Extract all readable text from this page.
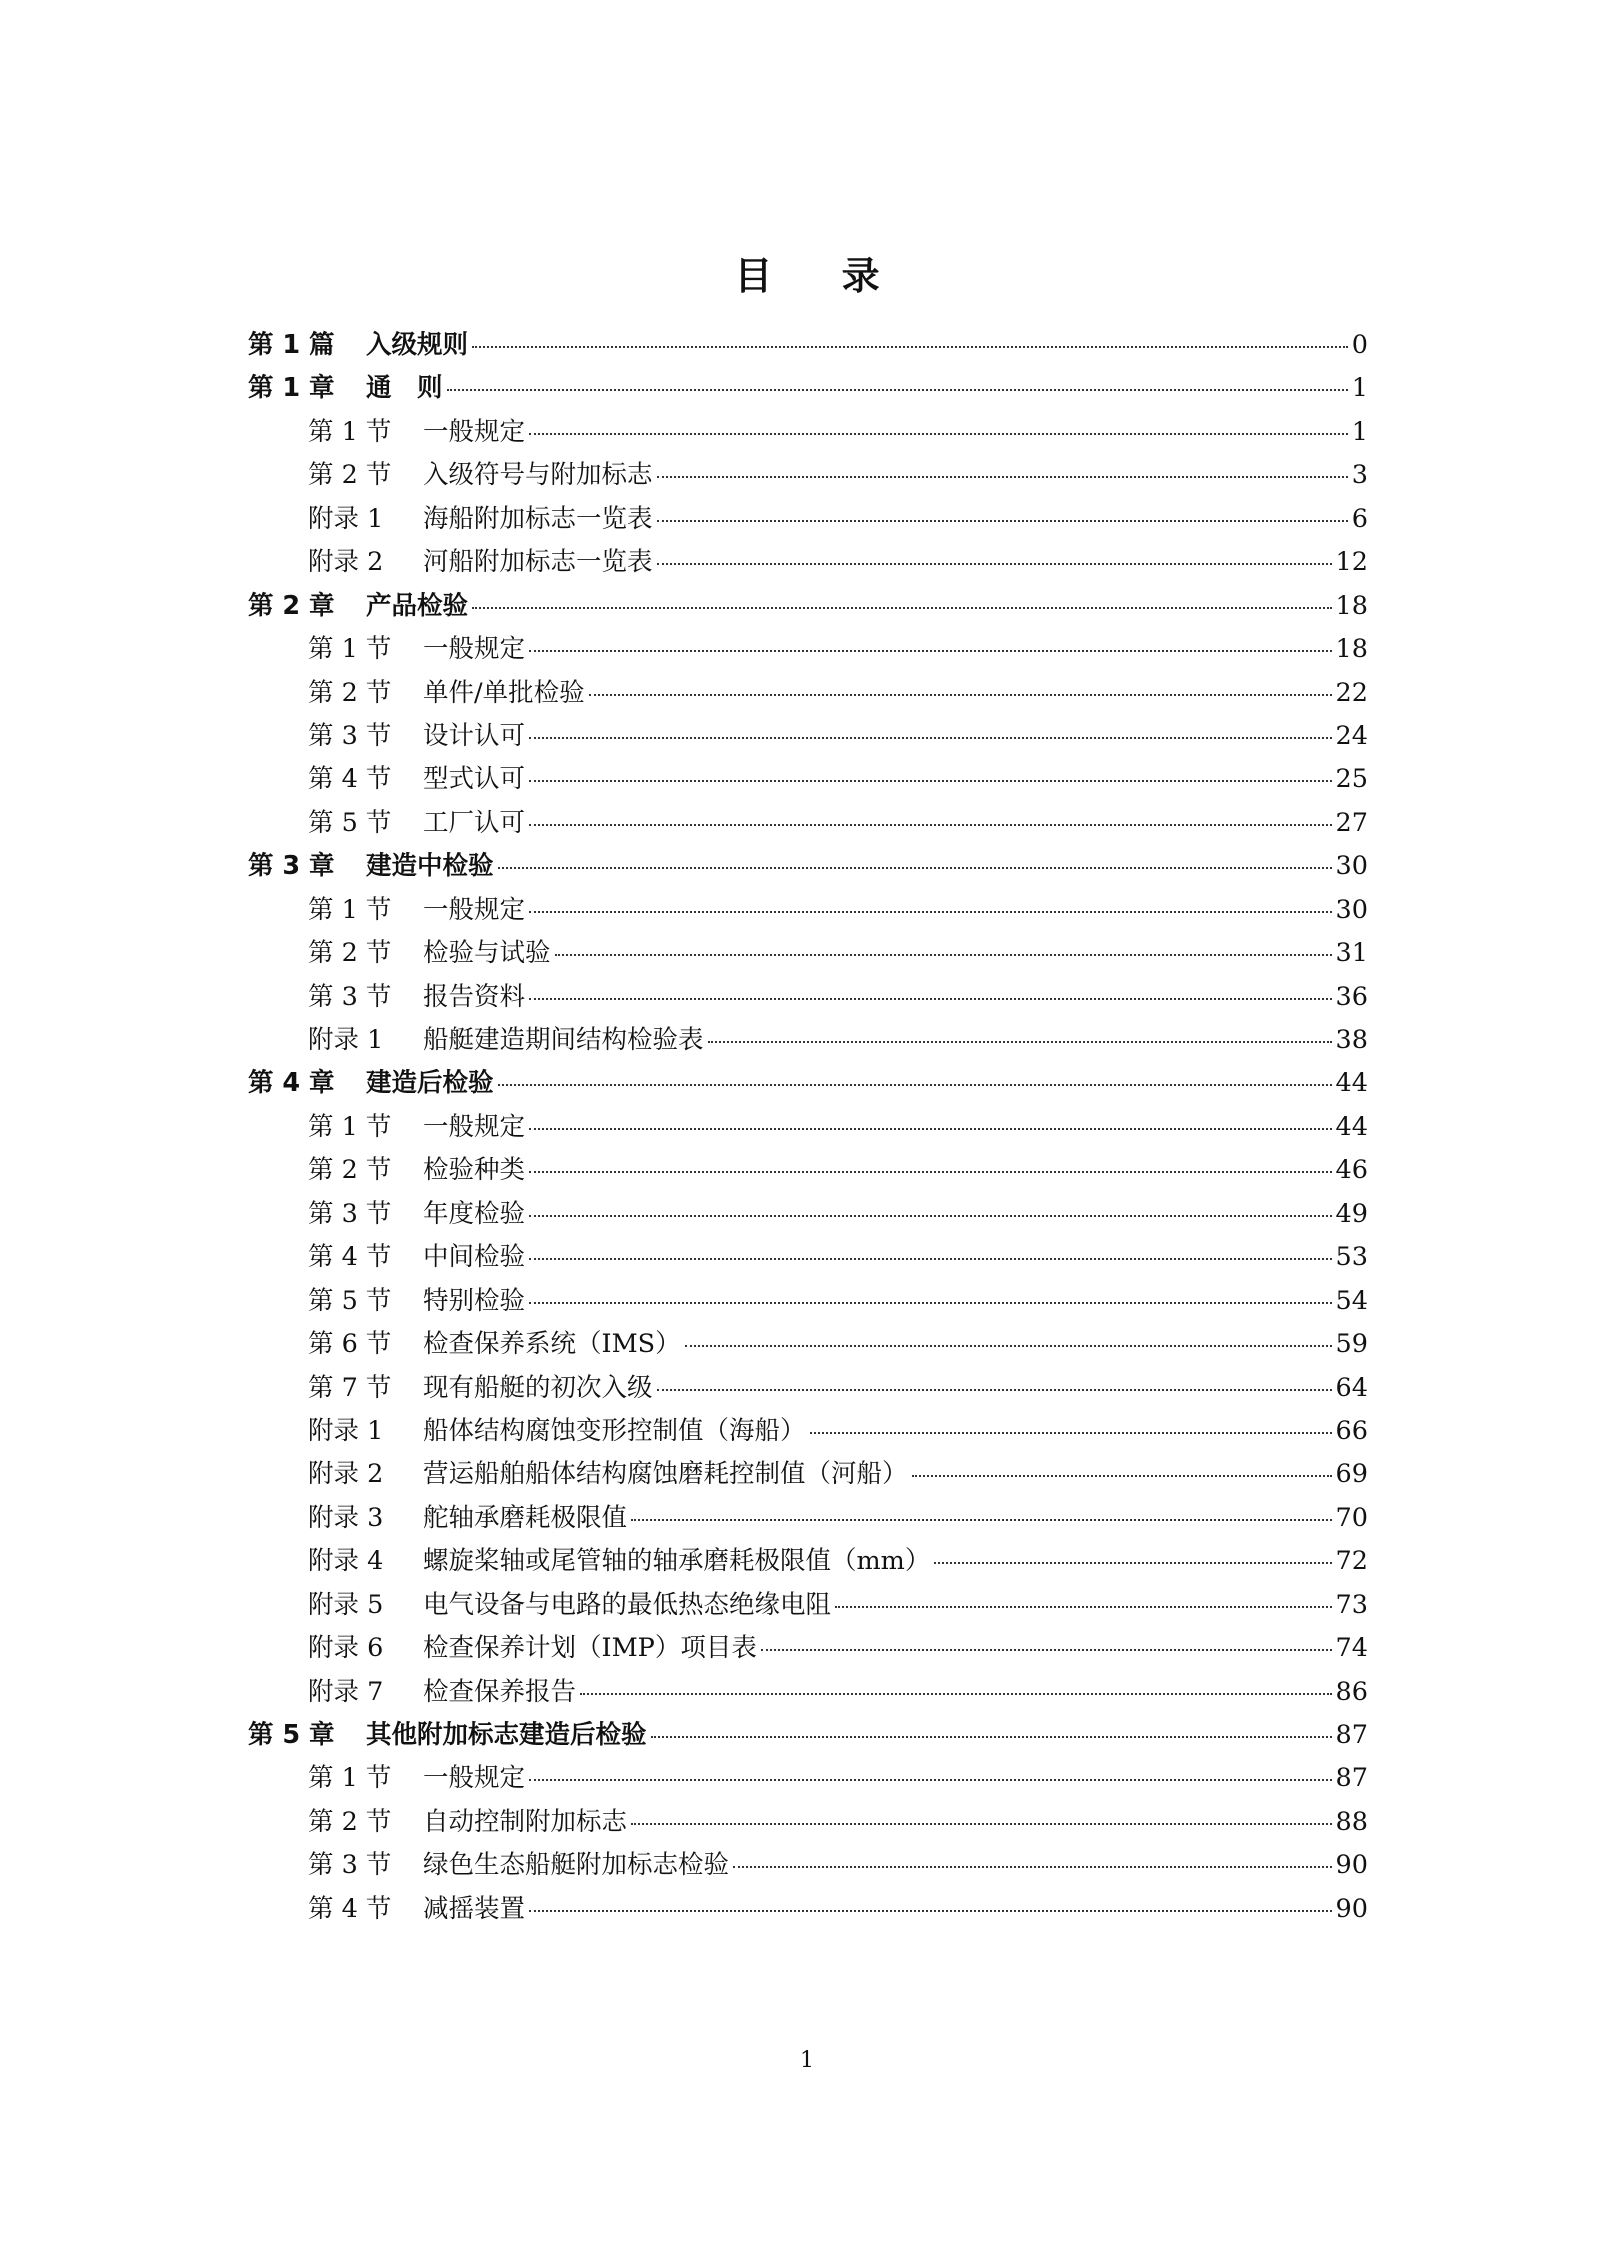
目 录
第 1 篇 入级规则	0
第 1 章 通　则	1
第 1 节 一般规定	1
第 2 节 入级符号与附加标志	3
附录 1 海船附加标志一览表	6
附录 2 河船附加标志一览表	12
第 2 章 产品检验	18
第 1 节 一般规定	18
第 2 节 单件/单批检验	22
第 3 节 设计认可	24
第 4 节 型式认可	25
第 5 节 工厂认可	27
第 3 章 建造中检验	30
第 1 节 一般规定	30
第 2 节 检验与试验	31
第 3 节 报告资料	36
附录 1 船艇建造期间结构检验表	38
第 4 章 建造后检验	44
第 1 节 一般规定	44
第 2 节 检验种类	46
第 3 节 年度检验	49
第 4 节 中间检验	53
第 5 节 特别检验	54
第 6 节 检查保养系统（IMS）	59
第 7 节 现有船艇的初次入级	64
附录 1 船体结构腐蚀变形控制值（海船）	66
附录 2 营运船舶船体结构腐蚀磨耗控制值（河船）	69
附录 3 舵轴承磨耗极限值	70
附录 4 螺旋桨轴或尾管轴的轴承磨耗极限值（mm）	72
附录 5 电气设备与电路的最低热态绝缘电阻	73
附录 6 检查保养计划（IMP）项目表	74
附录 7 检查保养报告	86
第 5 章 其他附加标志建造后检验	87
第 1 节 一般规定	87
第 2 节 自动控制附加标志	88
第 3 节 绿色生态船艇附加标志检验	90
第 4 节 减摇装置	90
1
